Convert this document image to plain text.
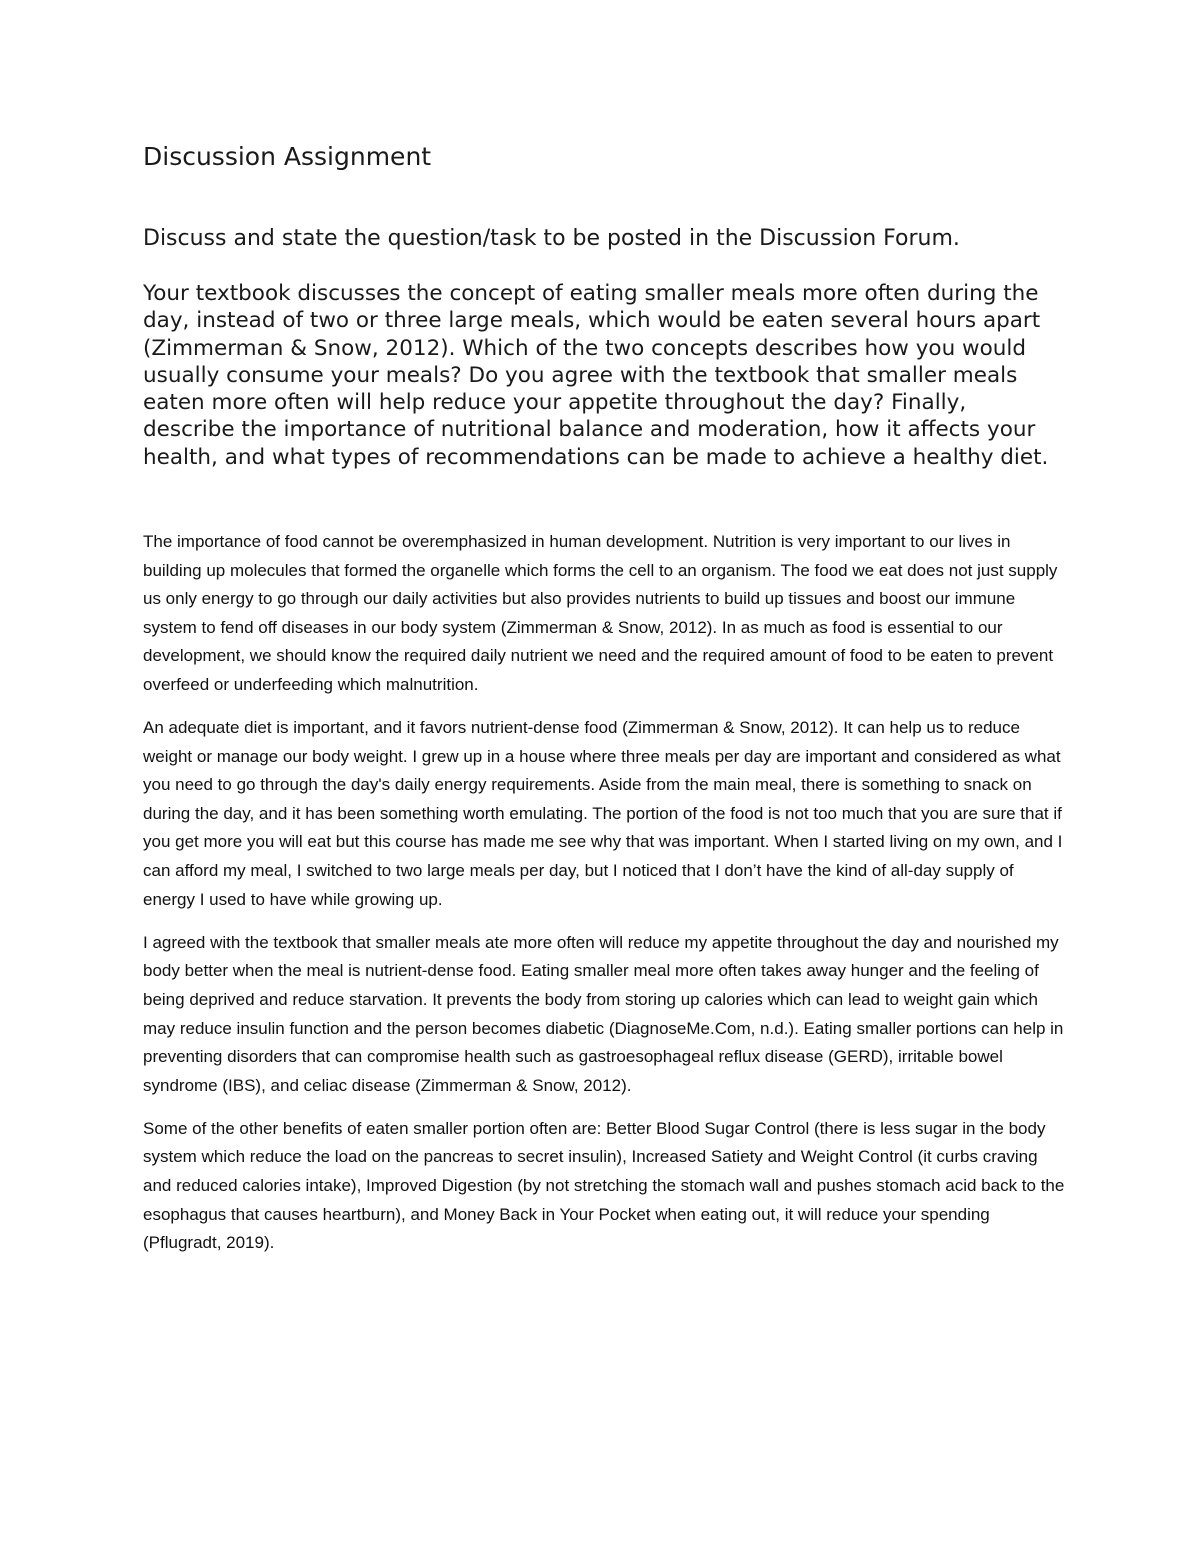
Discussion Assignment
Discuss and state the question/task to be posted in the Discussion Forum.

Your textbook discusses the concept of eating smaller meals more often during the day, instead of two or three large meals, which would be eaten several hours apart (Zimmerman & Snow, 2012). Which of the two concepts describes how you would usually consume your meals? Do you agree with the textbook that smaller meals eaten more often will help reduce your appetite throughout the day? Finally, describe the importance of nutritional balance and moderation, how it affects your health, and what types of recommendations can be made to achieve a healthy diet.

The importance of food cannot be overemphasized in human development. Nutrition is very important to our lives in building up molecules that formed the organelle which forms the cell to an organism. The food we eat does not just supply us only energy to go through our daily activities but also provides nutrients to build up tissues and boost our immune system to fend off diseases in our body system (Zimmerman & Snow, 2012). In as much as food is essential to our development, we should know the required daily nutrient we need and the required amount of food to be eaten to prevent overfeed or underfeeding which malnutrition.

An adequate diet is important, and it favors nutrient-dense food (Zimmerman & Snow, 2012). It can help us to reduce weight or manage our body weight. I grew up in a house where three meals per day are important and considered as what you need to go through the day's daily energy requirements. Aside from the main meal, there is something to snack on during the day, and it has been something worth emulating. The portion of the food is not too much that you are sure that if you get more you will eat but this course has made me see why that was important. When I started living on my own, and I can afford my meal, I switched to two large meals per day, but I noticed that I don’t have the kind of all-day supply of energy I used to have while growing up.

I agreed with the textbook that smaller meals ate more often will reduce my appetite throughout the day and nourished my body better when the meal is nutrient-dense food. Eating smaller meal more often takes away hunger and the feeling of being deprived and reduce starvation. It prevents the body from storing up calories which can lead to weight gain which may reduce insulin function and the person becomes diabetic (DiagnoseMe.Com, n.d.). Eating smaller portions can help in preventing disorders that can compromise health such as gastroesophageal reflux disease (GERD), irritable bowel syndrome (IBS), and celiac disease (Zimmerman & Snow, 2012).

Some of the other benefits of eaten smaller portion often are: Better Blood Sugar Control (there is less sugar in the body system which reduce the load on the pancreas to secret insulin), Increased Satiety and Weight Control (it curbs craving and reduced calories intake), Improved Digestion (by not stretching the stomach wall and pushes stomach acid back to the esophagus that causes heartburn), and Money Back in Your Pocket when eating out, it will reduce your spending (Pflugradt, 2019).
